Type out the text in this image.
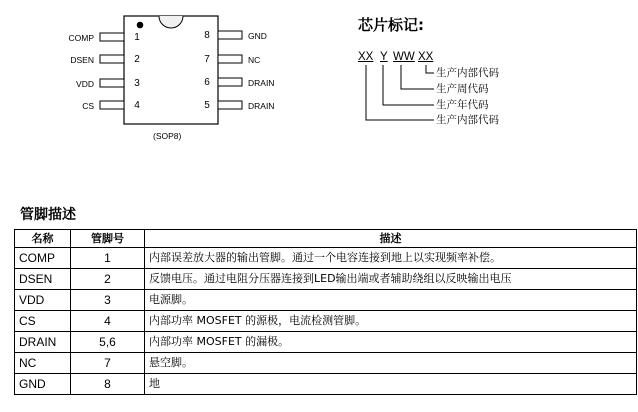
COMP
DSEN
VDD
CS
1
2
3
4
8
7
6
5
GND
NC
DRAIN
DRAIN
(SOP8)
芯片标记:
XX Y WW XX
生产内部代码
生产周代码
生产年代码
生产内部代码
管脚描述
名称	管脚号	描述
COMP	1	内部误差放大器的输出管脚。通过一个电容连接到地上以实现频率补偿。
DSEN	2	反馈电压。通过电阻分压器连接到LED输出端或者辅助绕组以反映输出电压
VDD	3	电源脚。
CS	4	内部功率 MOSFET 的源极，电流检测管脚。
DRAIN	5,6	内部功率 MOSFET 的漏极。
NC	7	悬空脚。
GND	8	地
